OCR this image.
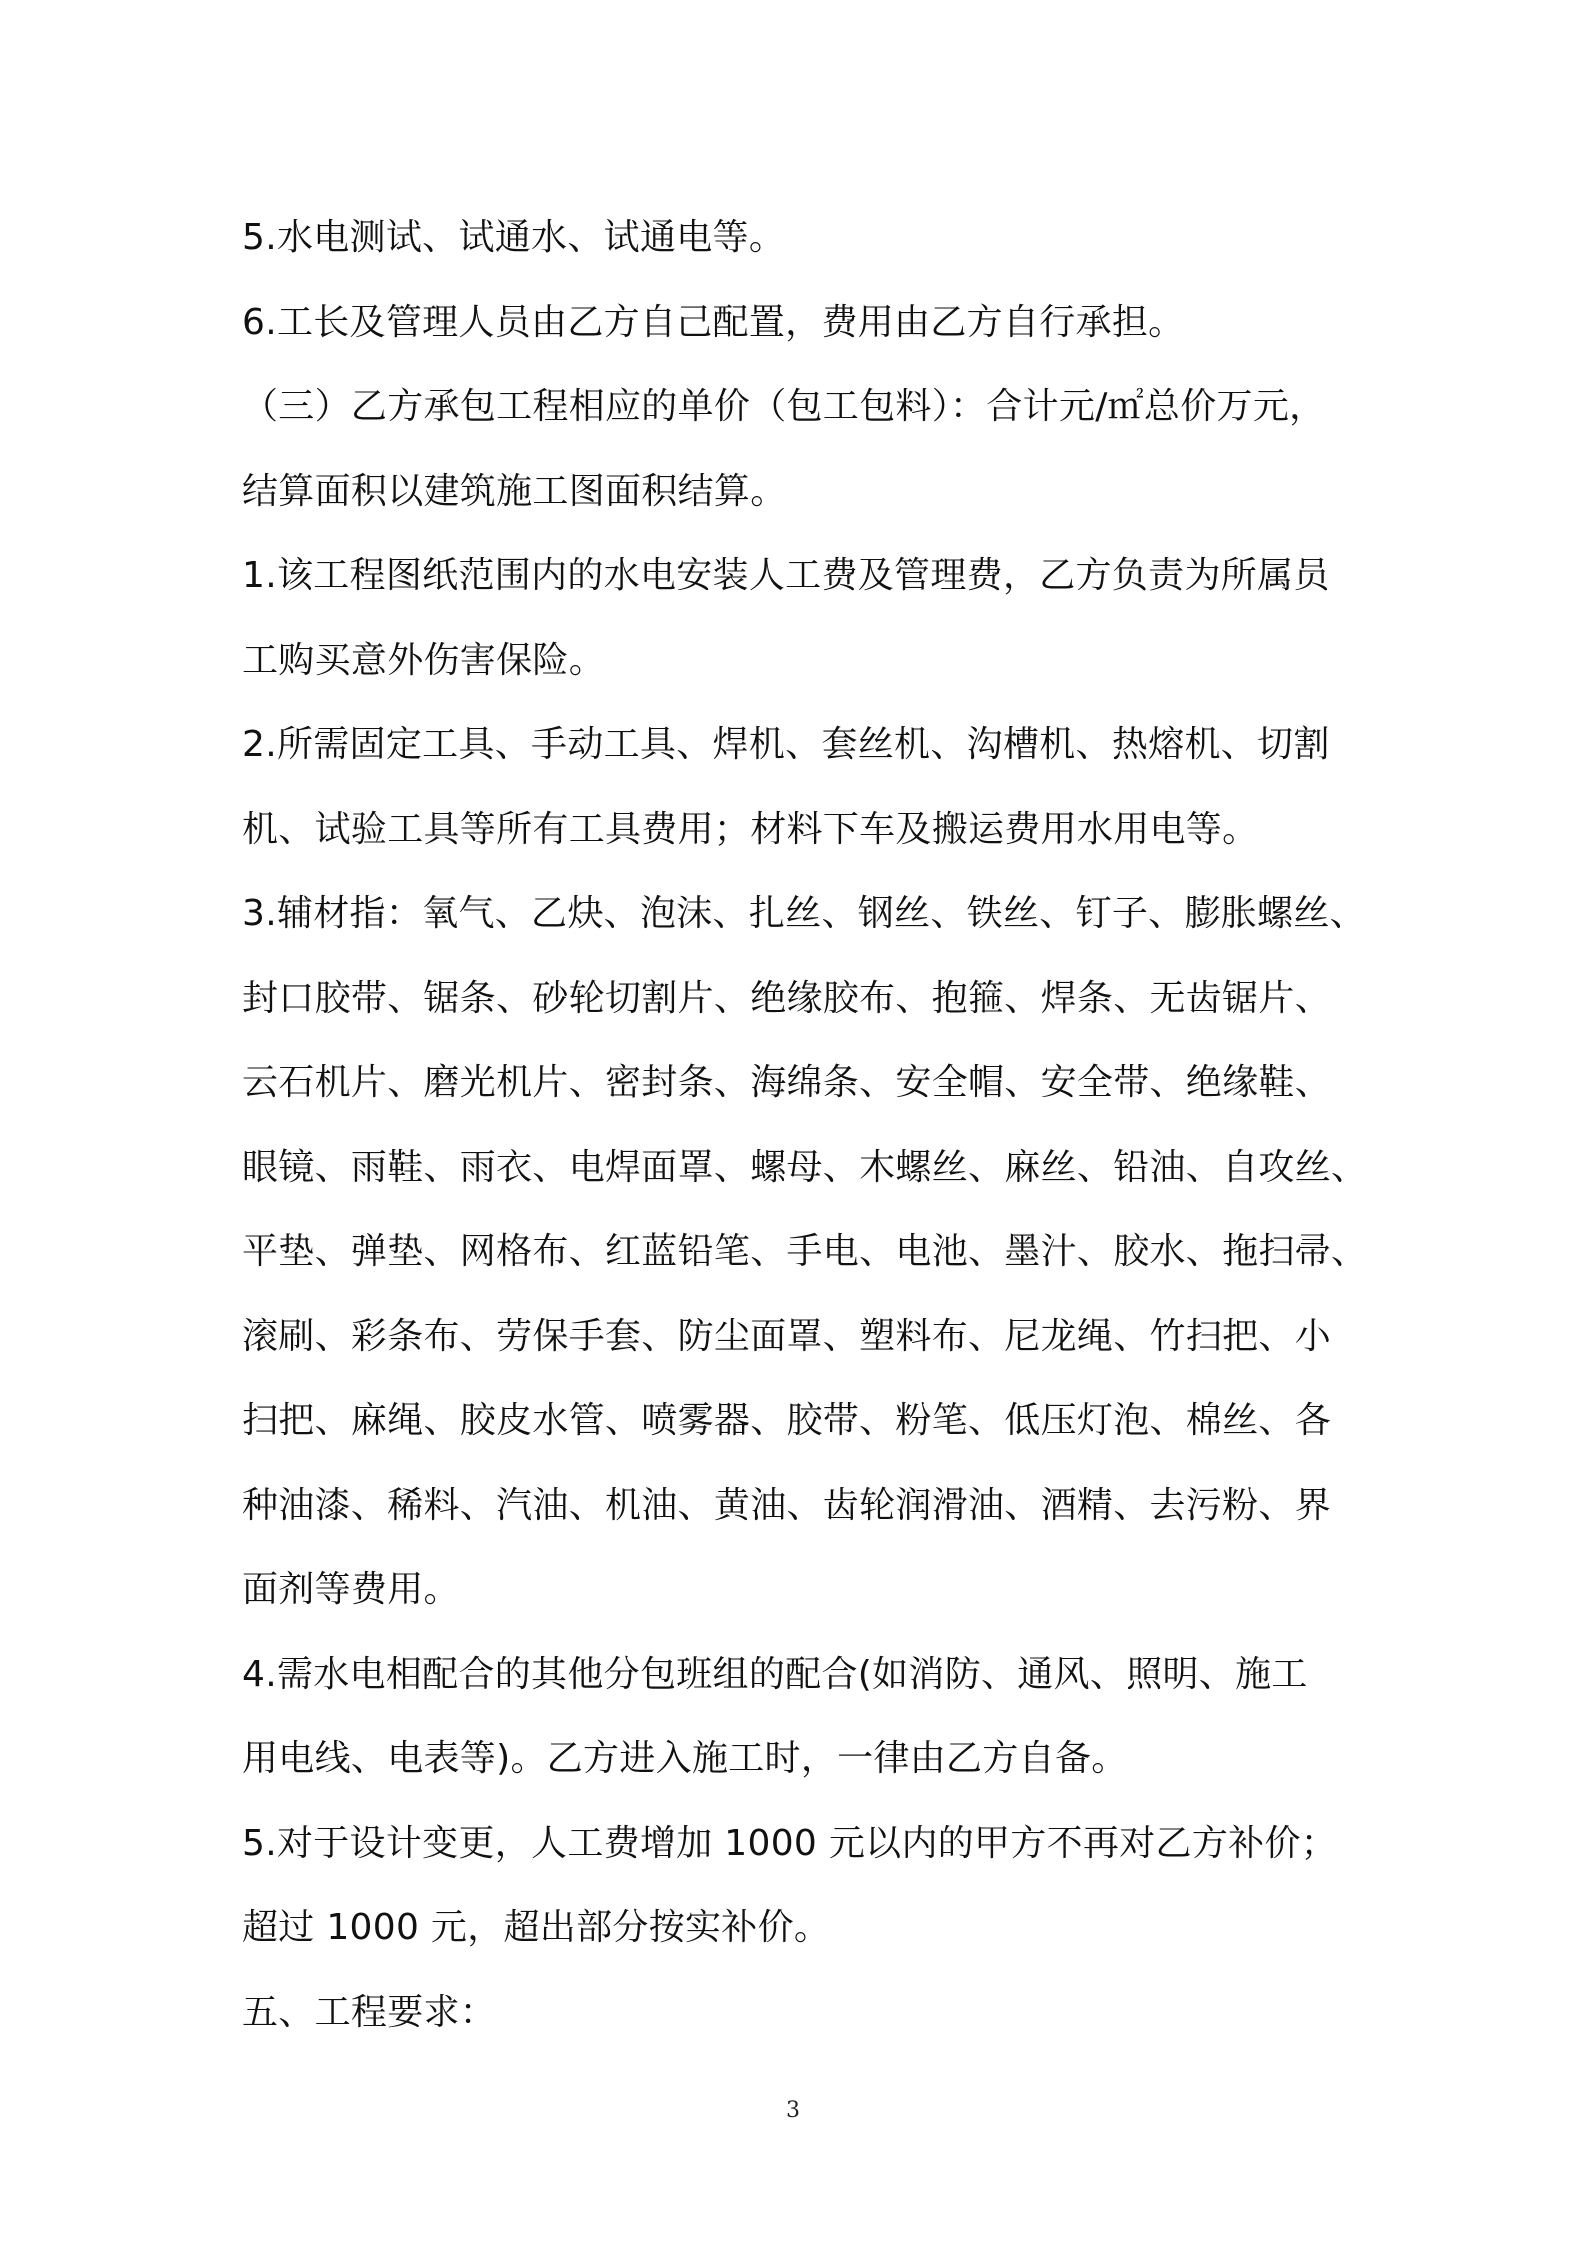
5.水电测试、试通水、试通电等。
6.工长及管理人员由乙方自己配置，费用由乙方自行承担。
（三）乙方承包工程相应的单价（包工包料）：合计元/㎡总价万元，
结算面积以建筑施工图面积结算。
1.该工程图纸范围内的水电安装人工费及管理费，乙方负责为所属员
工购买意外伤害保险。
2.所需固定工具、手动工具、焊机、套丝机、沟槽机、热熔机、切割
机、试验工具等所有工具费用；材料下车及搬运费用水用电等。
3.辅材指：氧气、乙炔、泡沫、扎丝、钢丝、铁丝、钉子、膨胀螺丝、
封口胶带、锯条、砂轮切割片、绝缘胶布、抱箍、焊条、无齿锯片、
云石机片、磨光机片、密封条、海绵条、安全帽、安全带、绝缘鞋、
眼镜、雨鞋、雨衣、电焊面罩、螺母、木螺丝、麻丝、铅油、自攻丝、
平垫、弹垫、网格布、红蓝铅笔、手电、电池、墨汁、胶水、拖扫帚、
滚刷、彩条布、劳保手套、防尘面罩、塑料布、尼龙绳、竹扫把、小
扫把、麻绳、胶皮水管、喷雾器、胶带、粉笔、低压灯泡、棉丝、各
种油漆、稀料、汽油、机油、黄油、齿轮润滑油、酒精、去污粉、界
面剂等费用。
4.需水电相配合的其他分包班组的配合(如消防、通风、照明、施工
用电线、电表等)。乙方进入施工时，一律由乙方自备。
5.对于设计变更，人工费增加 1000 元以内的甲方不再对乙方补价；
超过 1000 元，超出部分按实补价。
五、工程要求：
3
